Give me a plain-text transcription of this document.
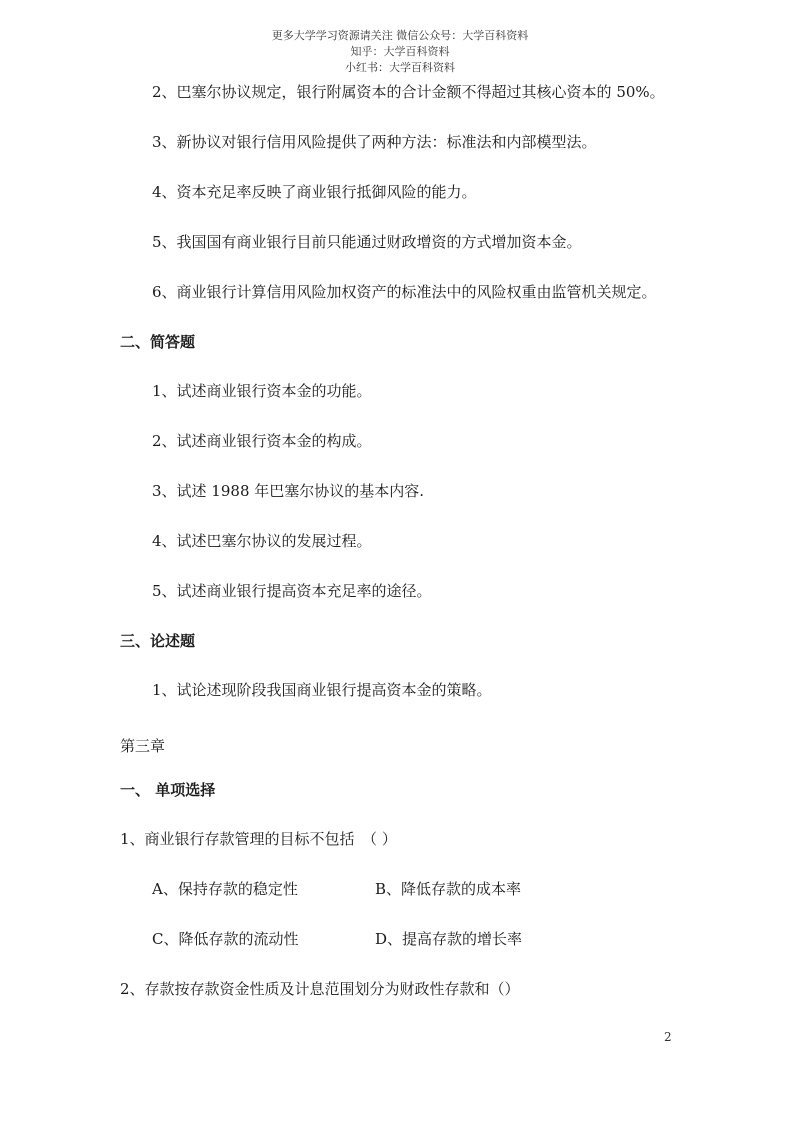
更多大学学习资源请关注 微信公众号：大学百科资料
知乎：大学百科资料
小红书：大学百科资料

2、巴塞尔协议规定，银行附属资本的合计金额不得超过其核心资本的 50%。
3、新协议对银行信用风险提供了两种方法：标准法和内部模型法。
4、资本充足率反映了商业银行抵御风险的能力。
5、我国国有商业银行目前只能通过财政增资的方式增加资本金。
6、商业银行计算信用风险加权资产的标准法中的风险权重由监管机关规定。
二、简答题
1、试述商业银行资本金的功能。
2、试述商业银行资本金的构成。
3、试述 1988 年巴塞尔协议的基本内容.
4、试述巴塞尔协议的发展过程。
5、试述商业银行提高资本充足率的途径。
三、论述题
1、试论述现阶段我国商业银行提高资本金的策略。
第三章
一、 单项选择
1、商业银行存款管理的目标不包括　（ ）
A、保持存款的稳定性	B、降低存款的成本率
C、降低存款的流动性	D、提高存款的增长率
2、存款按存款资金性质及计息范围划分为财政性存款和（）
2
